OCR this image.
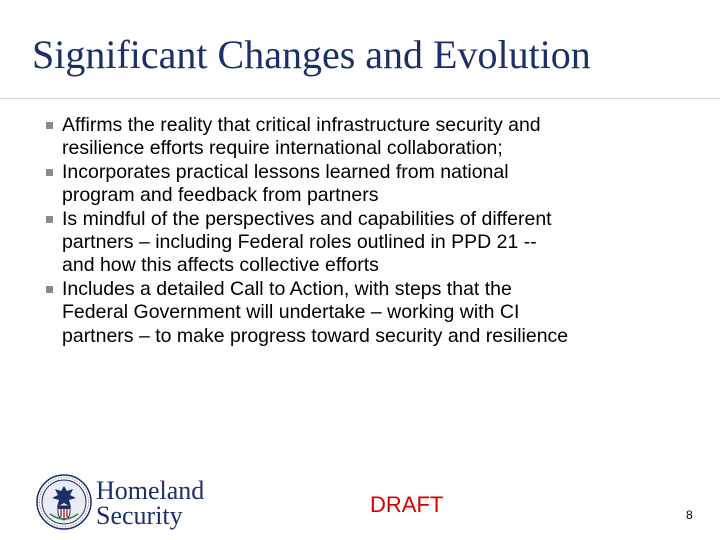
Significant Changes and Evolution
Affirms the reality that critical infrastructure security and
resilience efforts require international collaboration;
Incorporates practical lessons learned from national
program and feedback from partners
Is mindful of the perspectives and capabilities of different
partners – including Federal roles outlined in PPD 21 --
and how this affects collective efforts
Includes a detailed Call to Action, with steps that the
Federal Government will undertake – working with CI
partners – to make progress toward security and resilience
Homeland
Security	DRAFT	8
